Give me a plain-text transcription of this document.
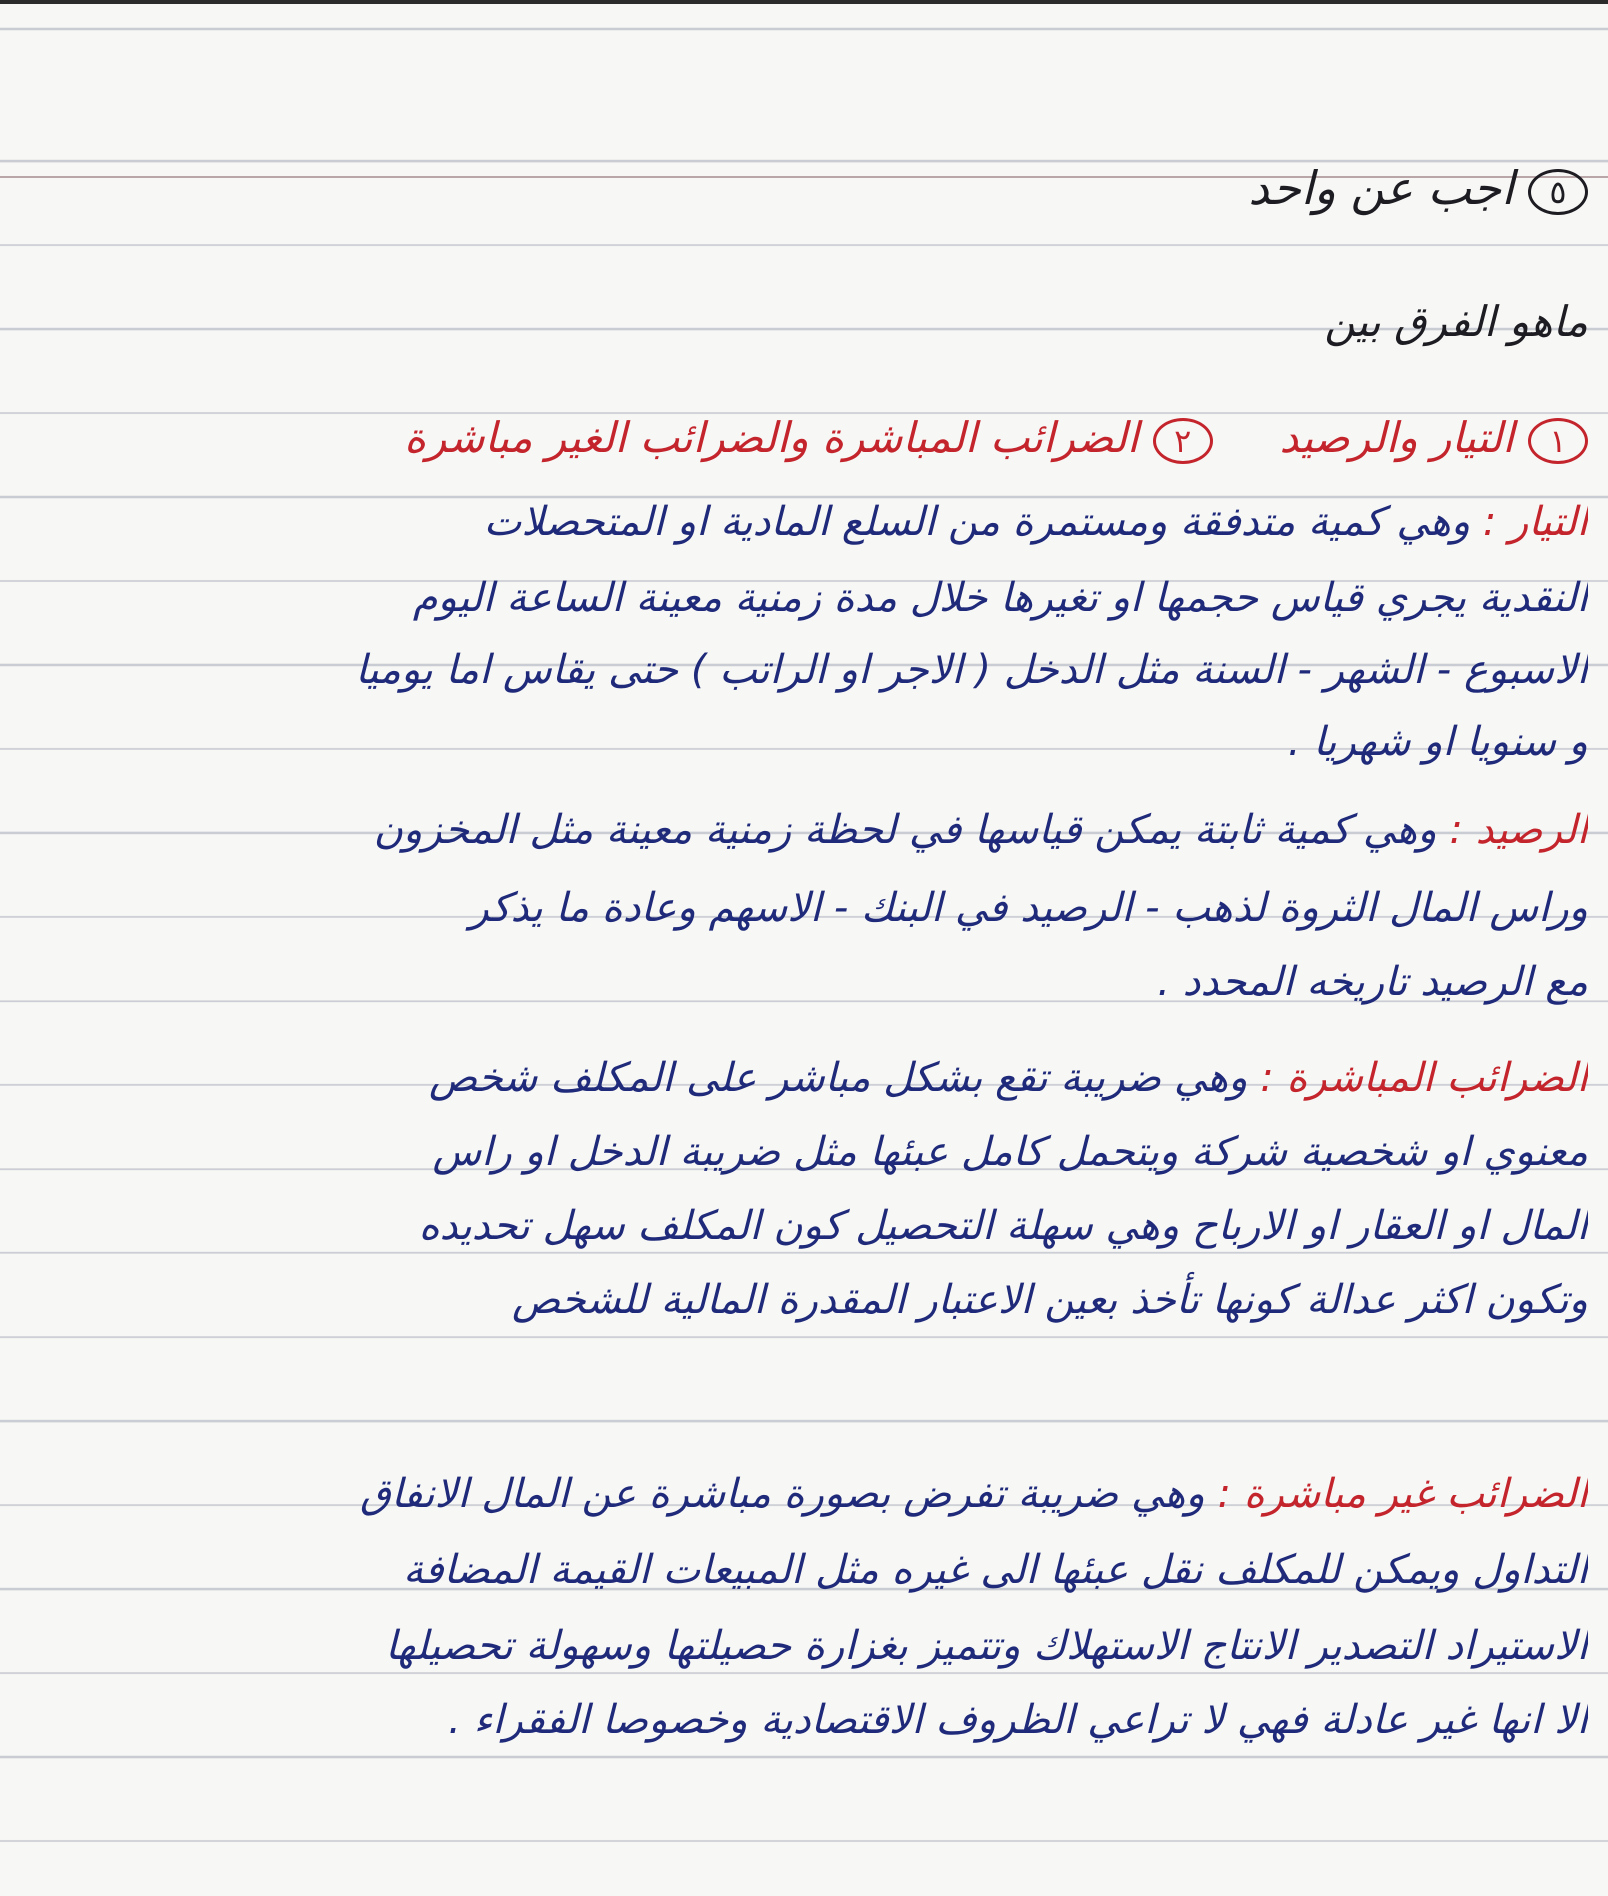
٥اجب عن واحد
ماهو الفرق بين
١التيار والرصيد     ٢الضرائب المباشرة والضرائب الغير مباشرة
التيار : وهي كمية متدفقة ومستمرة من السلع المادية او المتحصلات
النقدية يجري قياس حجمها او تغيرها خلال مدة زمنية معينة الساعة اليوم
الاسبوع - الشهر - السنة مثل الدخل ( الاجر او الراتب ) حتى يقاس اما يوميا
و سنويا او شهريا .
الرصيد : وهي كمية ثابتة يمكن قياسها في لحظة زمنية معينة مثل المخزون
وراس المال الثروة لذهب - الرصيد في البنك - الاسهم وعادة ما يذكر
مع الرصيد تاريخه المحدد .
الضرائب المباشرة : وهي ضريبة تقع بشكل مباشر على المكلف شخص
معنوي او شخصية شركة ويتحمل كامل عبئها مثل ضريبة الدخل او راس
المال او العقار او الارباح وهي سهلة التحصيل كون المكلف سهل تحديده
وتكون اكثر عدالة كونها تأخذ بعين الاعتبار المقدرة المالية للشخص
الضرائب غير مباشرة : وهي ضريبة تفرض بصورة مباشرة عن المال الانفاق
التداول ويمكن للمكلف نقل عبئها الى غيره مثل المبيعات القيمة المضافة
الاستيراد التصدير الانتاج الاستهلاك وتتميز بغزارة حصيلتها وسهولة تحصيلها
الا انها غير عادلة فهي لا تراعي الظروف الاقتصادية وخصوصا الفقراء .
